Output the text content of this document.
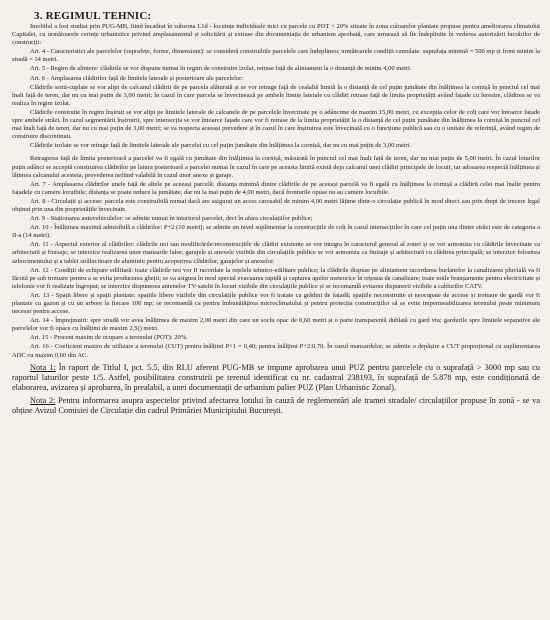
3. REGIMUL TEHNIC:

Imobilul a fost studiat prin PUG-MB, fiind încadrat în subzona L1d - locuințe individuale mici cu parcele cu POT < 20% situate în zona culoarelor plantate propuse pentru ameliorarea climatului Capitalei, cu următoarele cerințe urbanistice privind amplasamentul și solicitării și extrase din documentația de urbanism aprobată, care urmează să fie îndeplinite în vederea autorizării lucrărilor de construcții:

Art. 4 - Caracteristici ale parcelelor (suprafețe, forme, dimensiuni): se consideră construibile parcelele care îndeplinesc următoarele condiții cumulate: suprafața minimă = 500 mp și front minim la stradă = 14 metri.

Art. 5 - Regim de aliniere: clădirile se vor dispune numai în regim de construire izolat, retrase față de aliniament la o distanță de minim 4,00 metri.

Art. 6 - Amplasarea clădirilor față de limitele laterale și posterioare ale parcelelor:

Clădirile semi-cuplate se vor alipi de calcanul clădirii de pe parcela alăturată și se vor retrage față de cealaltă limită la o distanță de cel puțin jumătate din înălțimea la cornișă în punctul cel mai înalt față de teren, dar nu cu mai puțin de 3,00 metri; în cazul în care parcela se învecinează pe ambele limite laterale cu clădiri retrase față de limita proprietății având fațade cu ferestre, clădirea se va realiza în regim izolat.

Clădirile construite în regim înșiruit se vor alipi pe limitele laterale de calcanele de pe parcelele învecinate pe o adâncime de maxim 15,00 metri, cu excepția celor de colț care vor întoarce fațade spre ambele străzi. În cazul segmentării înșiruirii, spre intersecția se vor întoarce fațade care vor fi retrase de la limita proprietății la o distanță de cel puțin jumătate din înălțimea la cornișă în punctul cel mai înalt față de teren, dar nu cu mai puțin de 3,00 metri; se va respecta aceeași prevedere și în cazul în care înșiruirea este învecinată cu o funcțiune publică sau cu o unitate de referință, având regim de construire discontinuu.

Clădirile izolate se vor retrage față de limitele laterale ale parcelei cu cel puțin jumătate din înălțimea la cornișă, dar nu cu mai puțin de 3,00 metri.

Retragerea față de limita posterioară a parcelei va fi egală cu jumătate din înălțimea la cornișă, măsurată în punctul cel mai înalt față de teren, dar nu mai puțin de 5,00 metri. În cazul loturilor puțin adânci se acceptă construirea clădirilor pe latura posterioară a parcelei numai în cazul în care pe aceasta limită există deja calcanul unei clădiri principale de locuit, iar adosarea respectă înălțimea și lățimea calcanului acesteia, prevederea nefiind valabilă în cazul unor anexe și garaje.

Art. 7 - Amplasarea clădirilor unele față de altele pe aceeași parcelă: distanța minimă dintre clădirile de pe aceeași parcelă va fi egală cu înălțimea la cornișă a clădirii celei mai înalte pentru fațadele cu camere locuibile; distanța se poate reduce la jumătate, dar nu la mai puțin de 4,00 metri, dacă fronturile opuse nu au camere locuibile.

Art. 8 - Circulații și accese: parcela este construibilă numai dacă are asigurat un acces carosabil de minim 4,00 metri lățime dintr-o circulație publică în mod direct sau prin drept de trecere legal obținut prin una din proprietățile învecinate.

Art. 9 - Staționarea autovehiculelor: se admite numai în interiorul parcelei, deci în afara circulațiilor publice;

Art. 10 - Înălțimea maximă admisibilă a clădirilor: P+2 (10 metri); se admite un nivel suplimentar la construcțiile de colț în cazul intersecțiilor în care cel puțin una dintre străzi este de categoria a II-a (14 metri).

Art. 11 - Aspectul exterior al clădirilor: clădirile noi sau modificările/reconstrucțiile de clădiri existente se vor integra în caracterul general al zonei și se vor armoniza cu clădirile învecinate ca arhitectură și finisaje; se interzice realizarea unor mansarde false; garajele și anexele vizibile din circulațiile publice se vor armoniza ca finisaje și arhitectură cu clădirea principală; se interzice folosirea azbocimentului și a tablei strălucitoare de aluminiu pentru acoperirea clădirilor, garajelor și anexelor.

Art. 12 - Condiții de echipare edilitară: toate clădirile noi vor fi racordate la rețelele tehnico-edilitare publice; la clădirile dispuse pe aliniament racordarea burlanelor la canalizarea pluvială va fi făcută pe sub trotuare pentru a se evita producerea gheții; se va asigura în mod special evacuarea rapidă și captarea apelor meteorice în rețeaua de canalizare; toate noile branșamente pentru electricitate și telefonie vor fi realizate îngropat; se interzice dispunerea antenelor TV-satelit în locuri vizibile din circulațiile publice și se recomandă evitarea dispunerii vizibile a cablurilor CATV.

Art. 13 - Spații libere și spații plantate: spațiile libere vizibile din circulațiile publice vor fi tratate ca grădini de fațadă; spațiile neconstruite și neocupate de accese și trotuare de gardă vor fi plantate cu gazon și cu un arbore la fiecare 100 mp; se recomandă ca pentru îmbunătățirea microclimatului și pentru protecția construcțiilor să se evite impermeabilizarea terenului peste minimum necesar pentru accese.

Art. 14 - Împrejmuiri: spre stradă vor avea înălțimea de maxim 2,00 metri din care un soclu opac de 0,60 metri și o parte transparentă dublată cu gard viu; gardurile spre limitele separative ale parcelelor vor fi opace cu înălțimi de maxim 2,5() metri.

Art. 15 - Procent maxim de ocupare a terenului (POT): 20%.

Art. 16 - Coeficient maxim de utilizare a terenului (CUT) pentru înălțimi P+1 = 0,40; pentru înălțimi P+2:0,70. În cazul mansardelor, se admite o depășire a CUT proporțional cu suplimentarea ADC cu maxim 0,60 din AC.

Nota 1: În raport de Titlul I, pct. 5.5, din RLU aferent PUG-MB se impune aprobarea unui PUZ pentru parcelele cu o suprafață > 3000 mp sau cu raportul laturilor peste 1/5. Astfel, posibilitatea construirii pe terenul identificat cu nr. cadastral 238193, în suprafață de 5.878 mp, este condiționată de elaborarea, avizarea și aprobarea, în prealabil, a unei documentații de urbanism palier PUZ (Plan Urbanistic Zonal).

Nota 2: Pentru informarea asupra aspectelor privind afectarea lotului în cauză de reglementări ale tramei stradale/ circulațiilor propuse în zonă - se va obține Avizul Comisiei de Circulație din cadrul Primăriei Municipiului București.
